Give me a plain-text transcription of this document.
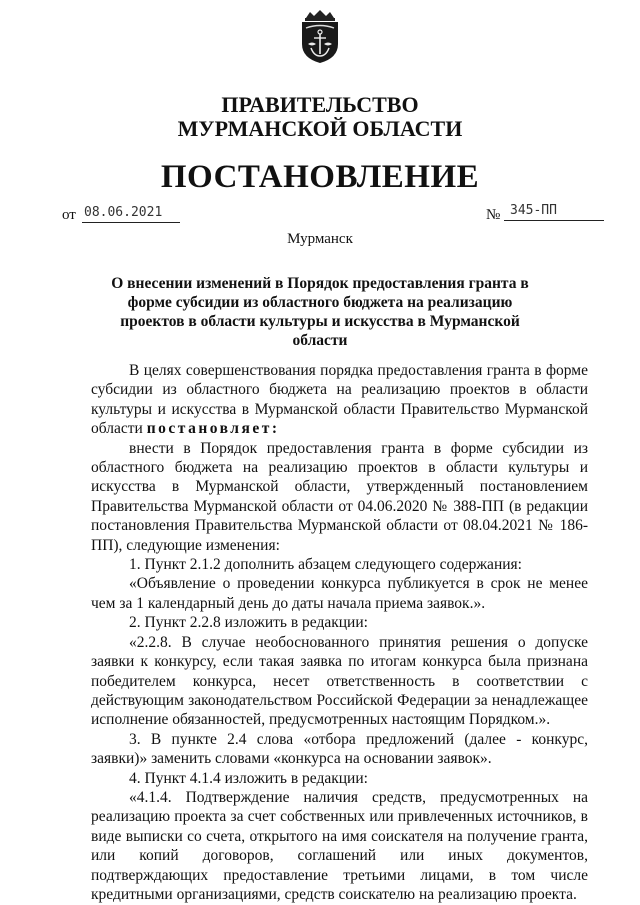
ПРАВИТЕЛЬСТВО
МУРМАНСКОЙ ОБЛАСТИ
ПОСТАНОВЛЕНИЕ
от 08.06.2021	№ 345-ПП
Мурманск
О внесении изменений в Порядок предоставления гранта в форме субсидии из областного бюджета на реализацию проектов в области культуры и искусства в Мурманской области

В целях совершенствования порядка предоставления гранта в форме субсидии из областного бюджета на реализацию проектов в области культуры и искусства в Мурманской области Правительство Мурманской области постановляет:

внести в Порядок предоставления гранта в форме субсидии из областного бюджета на реализацию проектов в области культуры и искусства в Мурманской области, утвержденный постановлением Правительства Мурманской области от 04.06.2020 № 388-ПП (в редакции постановления Правительства Мурманской области от 08.04.2021 № 186-ПП), следующие изменения:

1. Пункт 2.1.2 дополнить абзацем следующего содержания:

«Объявление о проведении конкурса публикуется в срок не менее чем за 1 календарный день до даты начала приема заявок.».

2. Пункт 2.2.8 изложить в редакции:

«2.2.8. В случае необоснованного принятия решения о допуске заявки к конкурсу, если такая заявка по итогам конкурса была признана победителем конкурса, несет ответственность в соответствии с действующим законодательством Российской Федерации за ненадлежащее исполнение обязанностей, предусмотренных настоящим Порядком.».

3. В пункте 2.4 слова «отбора предложений (далее - конкурс, заявки)» заменить словами «конкурса на основании заявок».

4. Пункт 4.1.4 изложить в редакции:

«4.1.4. Подтверждение наличия средств, предусмотренных на реализацию проекта за счет собственных или привлеченных источников, в виде выписки со счета, открытого на имя соискателя на получение гранта, или копий договоров, соглашений или иных документов, подтверждающих предоставление третьими лицами, в том числе кредитными организациями, средств соискателю на реализацию проекта.
